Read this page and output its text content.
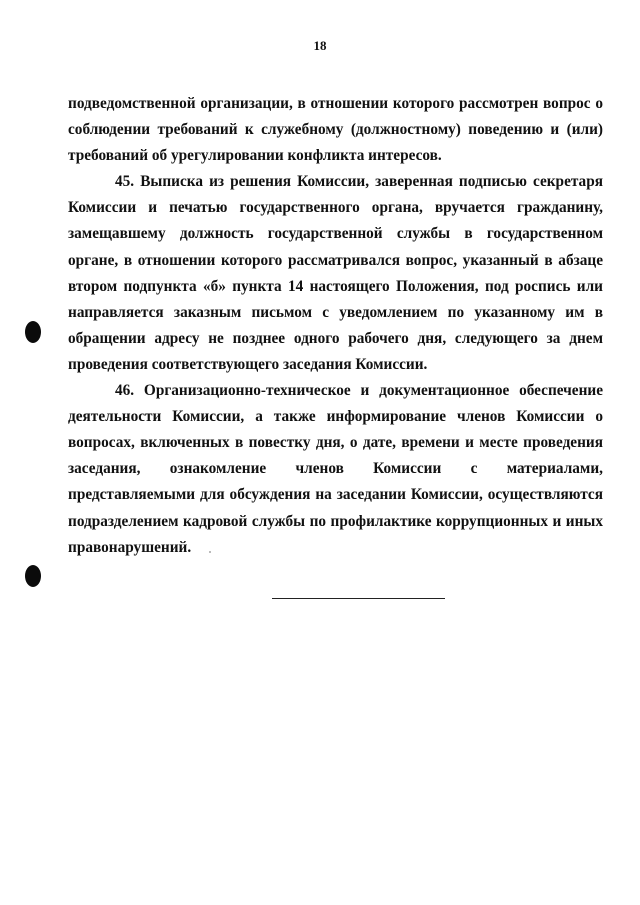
18

подведомственной организации, в отношении которого рассмотрен вопрос о соблюдении требований к служебному (должностному) поведению и (или) требований об урегулировании конфликта интересов.

45. Выписка из решения Комиссии, заверенная подписью секретаря Комиссии и печатью государственного органа, вручается гражданину, замещавшему должность государственной службы в государственном органе, в отношении которого рассматривался вопрос, указанный в абзаце втором подпункта «б» пункта 14 настоящего Положения, под роспись или направляется заказным письмом с уведомлением по указанному им в обращении адресу не позднее одного рабочего дня, следующего за днем проведения соответствующего заседания Комиссии.

46. Организационно-техническое и документационное обеспечение деятельности Комиссии, а также информирование членов Комиссии о вопросах, включенных в повестку дня, о дате, времени и месте проведения заседания, ознакомление членов Комиссии с материалами, представляемыми для обсуждения на заседании Комиссии, осуществляются подразделением кадровой службы по профилактике коррупционных и иных правонарушений.
